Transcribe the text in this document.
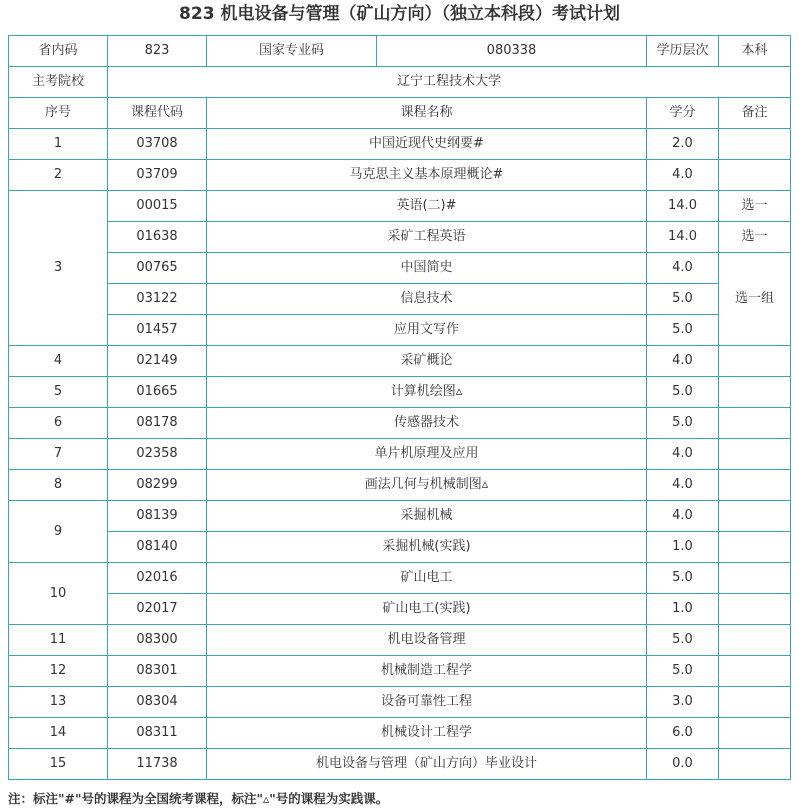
823 机电设备与管理（矿山方向）（独立本科段）考试计划
省内码	823	国家专业码	080338	学历层次	本科
主考院校	辽宁工程技术大学				
序号	课程代码	课程名称		学分	备注
1	03708	中国近现代史纲要#		2.0	
2	03709	马克思主义基本原理概论#		4.0	
3	00015	英语(二)#		14.0	选一
	01638	采矿工程英语		14.0	选一
	00765	中国简史		4.0	选一组
	03122	信息技术		5.0	
	01457	应用文写作		5.0	
4	02149	采矿概论		4.0	
5	01665	计算机绘图▵		5.0	
6	08178	传感器技术		5.0	
7	02358	单片机原理及应用		4.0	
8	08299	画法几何与机械制图▵		4.0	
9	08139	采掘机械		4.0	
	08140	采掘机械(实践)		1.0	
10	02016	矿山电工		5.0	
	02017	矿山电工(实践)		1.0	
11	08300	机电设备管理		5.0	
12	08301	机械制造工程学		5.0	
13	08304	设备可靠性工程		3.0	
14	08311	机械设计工程学		6.0	
15	11738	机电设备与管理（矿山方向）毕业设计		0.0	
注：标注"#"号的课程为全国统考课程，标注"▵"号的课程为实践课。
